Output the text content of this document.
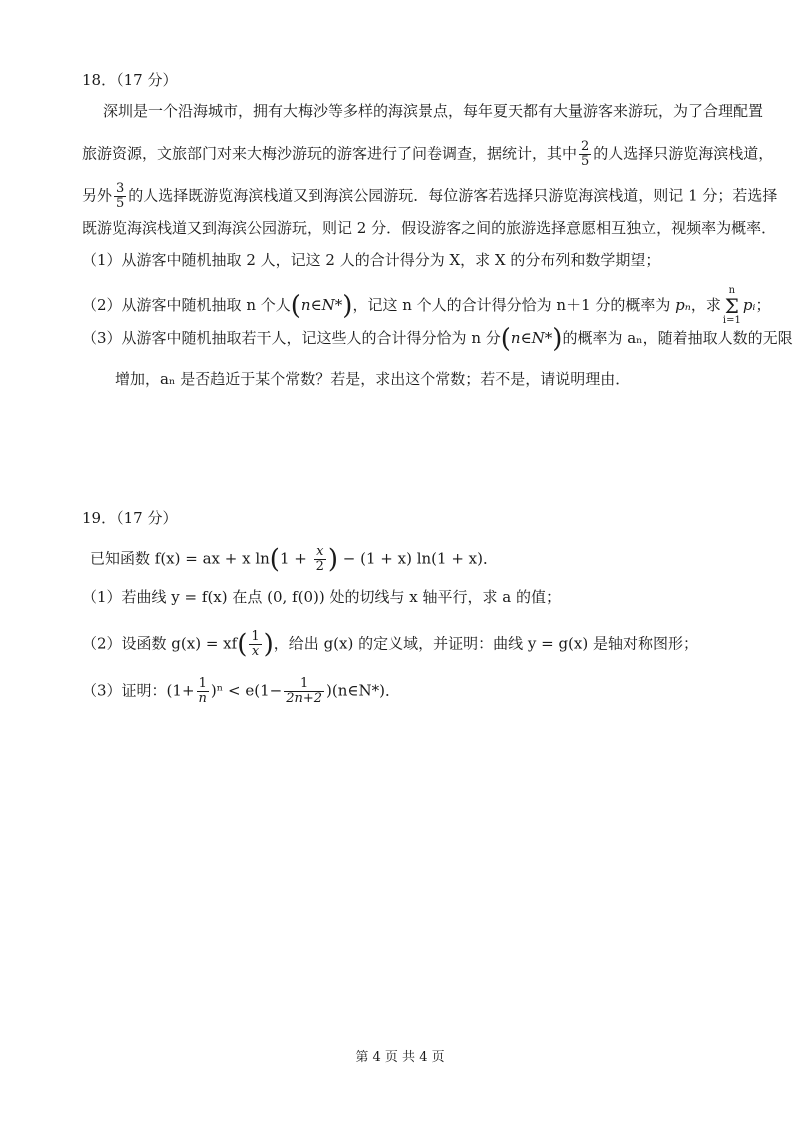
18．（17 分）
深圳是一个沿海城市，拥有大梅沙等多样的海滨景点，每年夏天都有大量游客来游玩，为了合理配置
旅游资源，文旅部门对来大梅沙游玩的游客进行了问卷调查，据统计，其中 $\frac{2}{5}$ 的人选择只游览海滨栈道，
另外 $\frac{3}{5}$ 的人选择既游览海滨栈道又到海滨公园游玩．每位游客若选择只游览海滨栈道，则记 1 分；若选择
既游览海滨栈道又到海滨公园游玩，则记 2 分．假设游客之间的旅游选择意愿相互独立，视频率为概率．
（1）从游客中随机抽取 2 人，记这 2 人的合计得分为 X，求 X 的分布列和数学期望；
（2）从游客中随机抽取 n 个人(n∈N*)，记这 n 个人的合计得分恰为 n＋1 分的概率为 pₙ，求n
Σ
i=1pᵢ；
（3）从游客中随机抽取若干人，记这些人的合计得分恰为 n 分(n∈N*)的概率为 aₙ，随着抽取人数的无限
增加，aₙ 是否趋近于某个常数？若是，求出这个常数；若不是，请说明理由．
19．（17 分）
已知函数 f(x) = ax + x $\ln(1 + \frac{x}{2}$ ) − (1 + x) ln(1 + x)．
（1）若曲线 y = f(x) 在点 (0, f(0)) 处的切线与 x 轴平行，求 a 的值；
（2）设函数 $g(x) = xf( \frac{1}{x}$ )，给出 g(x) 的定义域，并证明：曲线 y = g(x) 是轴对称图形；
（3）证明：$(1+ \frac{1}{n} )^n < e(1- \frac{1}{2n+2}$ )(n∈N*)．
第 4 页 共 4 页
